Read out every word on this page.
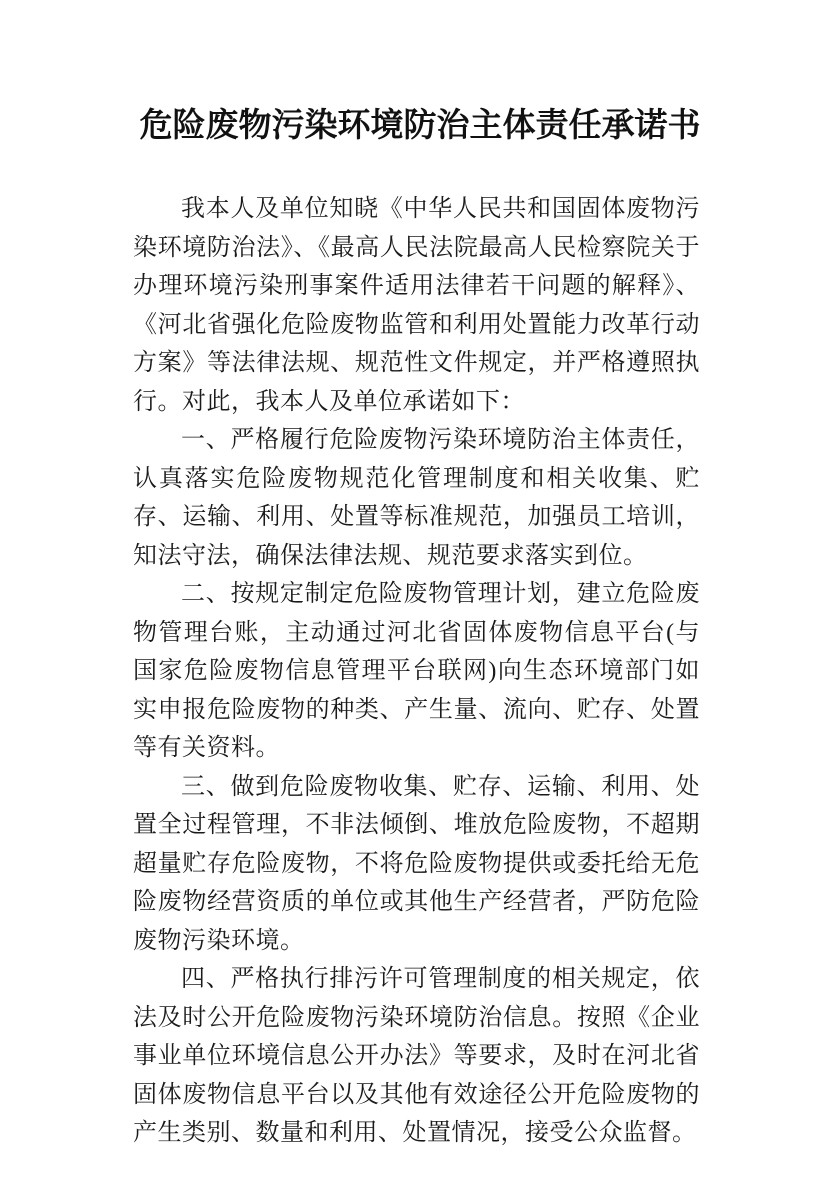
危险废物污染环境防治主体责任承诺书

我本人及单位知晓《中华人民共和国固体废物污染环境防治法》、《最高人民法院最高人民检察院关于办理环境污染刑事案件适用法律若干问题的解释》、《河北省强化危险废物监管和利用处置能力改革行动方案》等法律法规、规范性文件规定，并严格遵照执行。对此，我本人及单位承诺如下：

一、严格履行危险废物污染环境防治主体责任，认真落实危险废物规范化管理制度和相关收集、贮存、运输、利用、处置等标准规范，加强员工培训，知法守法，确保法律法规、规范要求落实到位。

二、按规定制定危险废物管理计划，建立危险废物管理台账，主动通过河北省固体废物信息平台(与国家危险废物信息管理平台联网)向生态环境部门如实申报危险废物的种类、产生量、流向、贮存、处置等有关资料。

三、做到危险废物收集、贮存、运输、利用、处置全过程管理，不非法倾倒、堆放危险废物，不超期超量贮存危险废物，不将危险废物提供或委托给无危险废物经营资质的单位或其他生产经营者，严防危险废物污染环境。

四、严格执行排污许可管理制度的相关规定，依法及时公开危险废物污染环境防治信息。按照《企业事业单位环境信息公开办法》等要求，及时在河北省固体废物信息平台以及其他有效途径公开危险废物的产生类别、数量和利用、处置情况，接受公众监督。
